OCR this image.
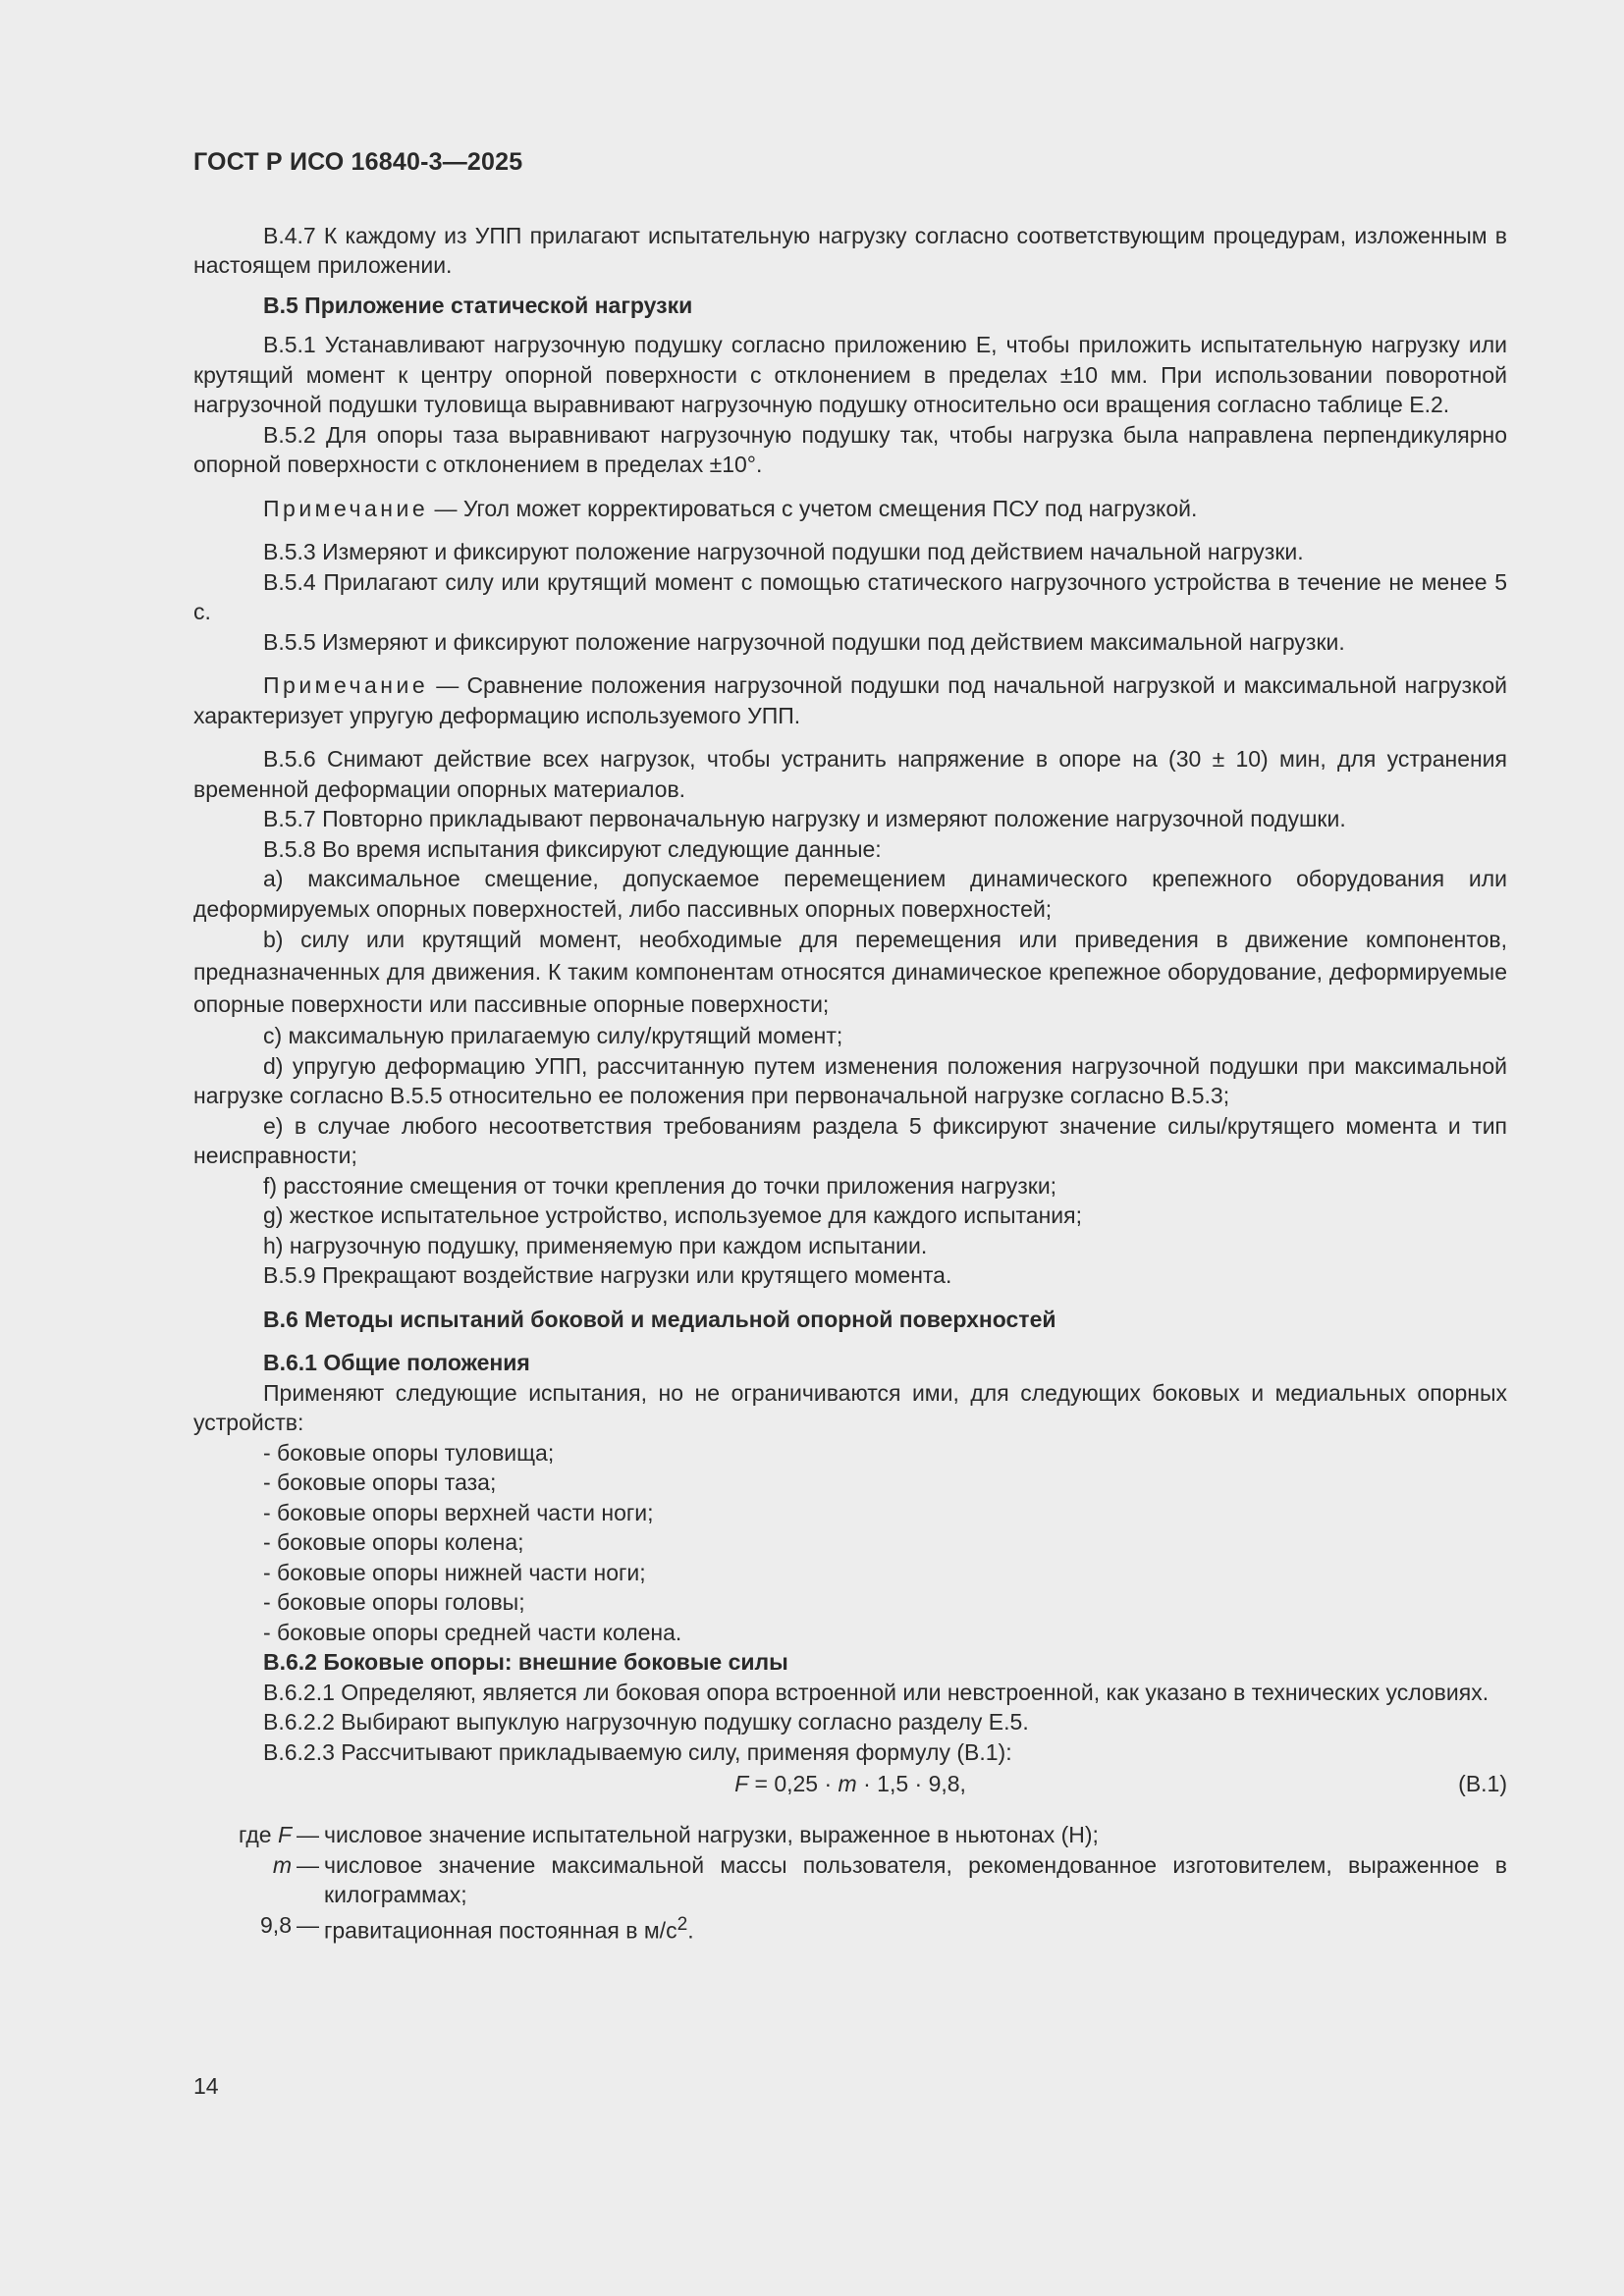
ГОСТ Р ИСО 16840-3—2025

В.4.7 К каждому из УПП прилагают испытательную нагрузку согласно соответствующим процедурам, изложенным в настоящем приложении.

В.5 Приложение статической нагрузки

В.5.1 Устанавливают нагрузочную подушку согласно приложению Е, чтобы приложить испытательную нагрузку или крутящий момент к центру опорной поверхности с отклонением в пределах ±10 мм. При использовании поворотной нагрузочной подушки туловища выравнивают нагрузочную подушку относительно оси вращения согласно таблице Е.2.

В.5.2 Для опоры таза выравнивают нагрузочную подушку так, чтобы нагрузка была направлена перпендикулярно опорной поверхности с отклонением в пределах ±10°.

Примечание — Угол может корректироваться с учетом смещения ПСУ под нагрузкой.

В.5.3 Измеряют и фиксируют положение нагрузочной подушки под действием начальной нагрузки.

В.5.4 Прилагают силу или крутящий момент с помощью статического нагрузочного устройства в течение не менее 5 с.

В.5.5 Измеряют и фиксируют положение нагрузочной подушки под действием максимальной нагрузки.

Примечание — Сравнение положения нагрузочной подушки под начальной нагрузкой и максимальной нагрузкой характеризует упругую деформацию используемого УПП.

В.5.6 Снимают действие всех нагрузок, чтобы устранить напряжение в опоре на (30 ± 10) мин, для устранения временной деформации опорных материалов.

В.5.7 Повторно прикладывают первоначальную нагрузку и измеряют положение нагрузочной подушки.

В.5.8 Во время испытания фиксируют следующие данные:

a) максимальное смещение, допускаемое перемещением динамического крепежного оборудования или деформируемых опорных поверхностей, либо пассивных опорных поверхностей;

b) силу или крутящий момент, необходимые для перемещения или приведения в движение компонентов, предназначенных для движения. К таким компонентам относятся динамическое крепежное оборудование, деформируемые опорные поверхности или пассивные опорные поверхности;

c) максимальную прилагаемую силу/крутящий момент;

d) упругую деформацию УПП, рассчитанную путем изменения положения нагрузочной подушки при максимальной нагрузке согласно В.5.5 относительно ее положения при первоначальной нагрузке согласно В.5.3;

e) в случае любого несоответствия требованиям раздела 5 фиксируют значение силы/крутящего момента и тип неисправности;

f) расстояние смещения от точки крепления до точки приложения нагрузки;

g) жесткое испытательное устройство, используемое для каждого испытания;

h) нагрузочную подушку, применяемую при каждом испытании.

В.5.9 Прекращают воздействие нагрузки или крутящего момента.

В.6 Методы испытаний боковой и медиальной опорной поверхностей

В.6.1 Общие положения

Применяют следующие испытания, но не ограничиваются ими, для следующих боковых и медиальных опорных устройств:

- боковые опоры туловища;
- боковые опоры таза;
- боковые опоры верхней части ноги;
- боковые опоры колена;
- боковые опоры нижней части ноги;
- боковые опоры головы;
- боковые опоры средней части колена.

В.6.2 Боковые опоры: внешние боковые силы

В.6.2.1 Определяют, является ли боковая опора встроенной или невстроенной, как указано в технических условиях.

В.6.2.2 Выбирают выпуклую нагрузочную подушку согласно разделу Е.5.

В.6.2.3 Рассчитывают прикладываемую силу, применяя формулу (В.1):

F = 0,25 · m · 1,5 · 9,8,	(В.1)
где F — числовое значение испытательной нагрузки, выраженное в ньютонах (Н);
m — числовое значение максимальной массы пользователя, рекомендованное изготовителем, выраженное в килограммах;
9,8 — гравитационная постоянная в $м/с^2$.
14
